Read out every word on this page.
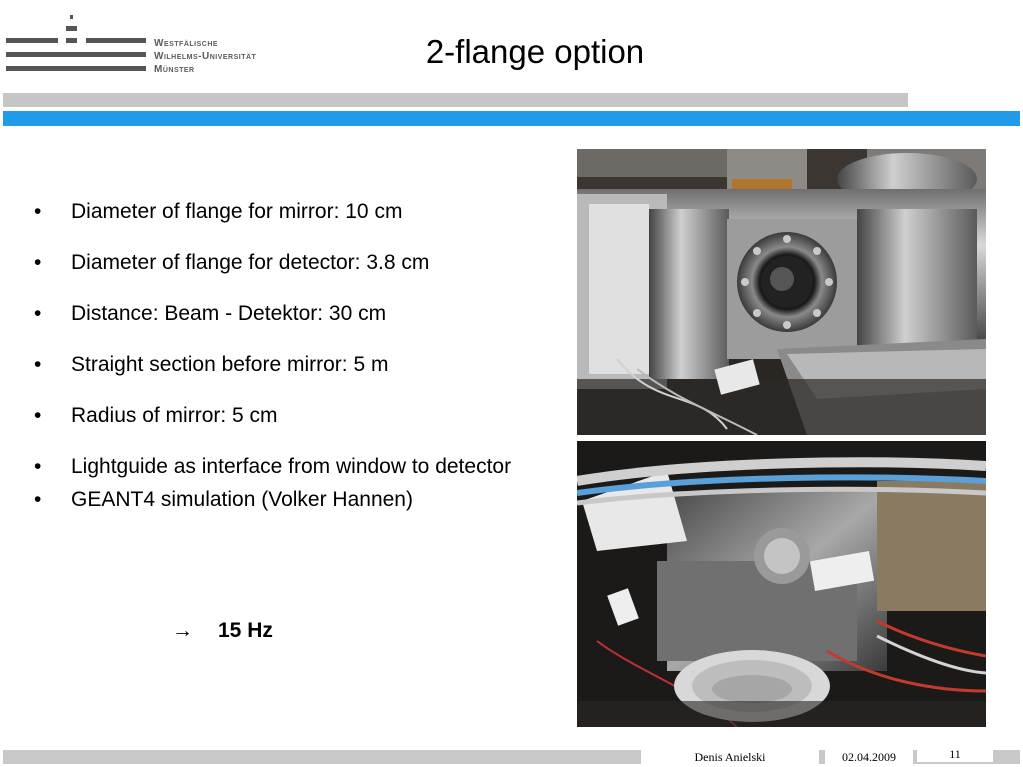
Westfälische
Wilhelms-Universität
Münster	2-flange option
• Diameter of flange for mirror: 10 cm
• Diameter of flange for detector: 3.8 cm
• Distance: Beam - Detektor: 30 cm
• Straight section before mirror: 5 m
• Radius of mirror: 5 cm
• Lightguide as interface from window to detector
• GEANT4 simulation (Volker Hannen)
→ 15 Hz
Denis Anielski	02.04.2009	11
